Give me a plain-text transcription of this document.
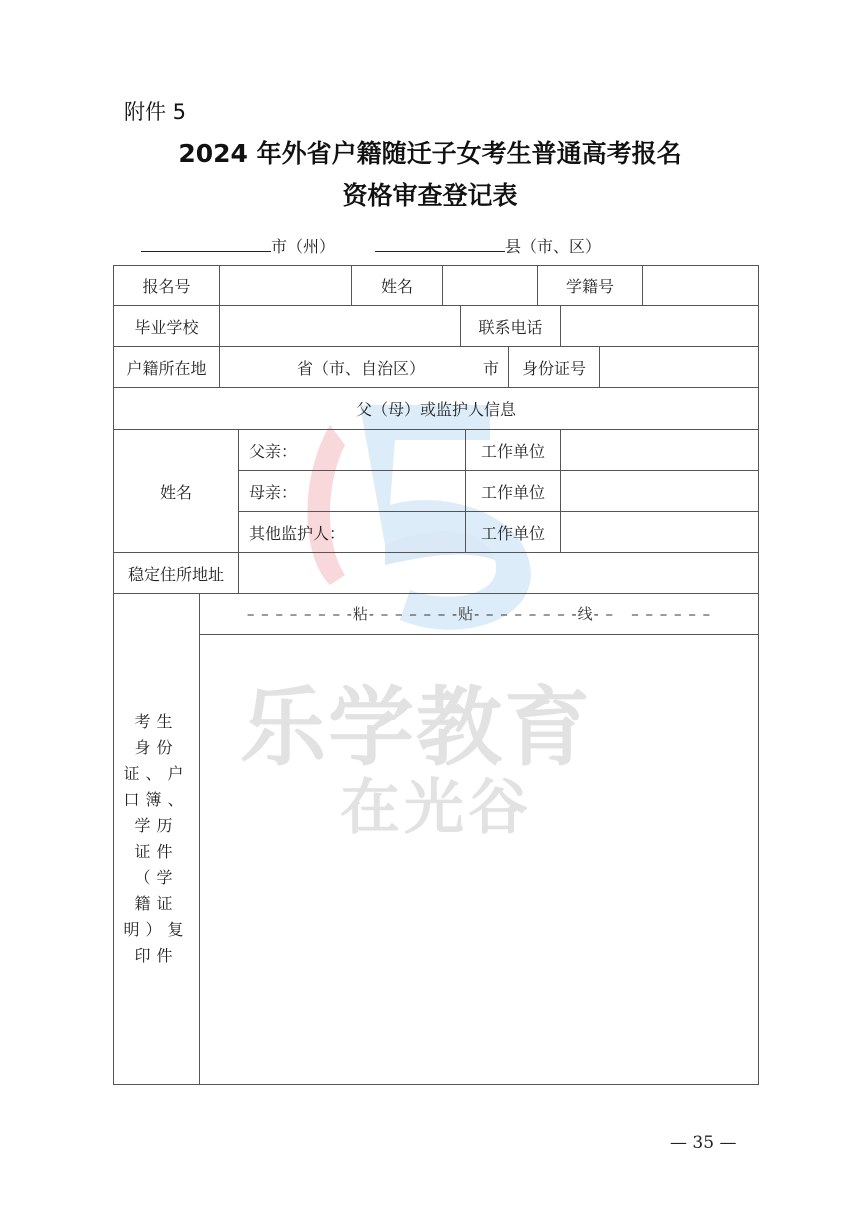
附件 5
2024 年外省户籍随迁子女考生普通高考报名
资格审查登记表
市（州）	县（市、区）
乐学教育
在光谷
报名号	姓名	学籍号
毕业学校	联系电话
户籍所在地	省（市、自治区）	市	身份证号
父（母）或监护人信息
姓名
父亲：	工作单位
母亲：	工作单位
其他监护人：	工作单位
稳定住所地址
考生
身份
证、户
口簿、
学历
证件
（学
籍证
明）复
印件
– – – – – – – -粘- – – – – – -贴- – – – – – – -线- –   – – – – – –
— 35 —
